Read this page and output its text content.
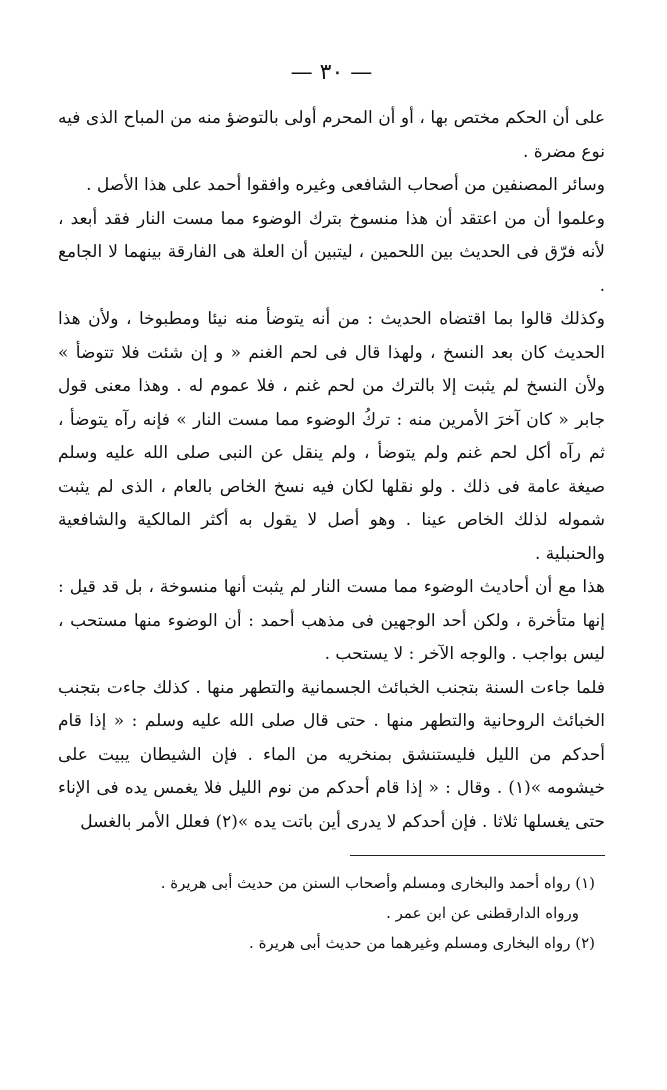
— ٣٠ —

على أن الحكم مختص بها ، أو أن المحرم أولى بالتوضؤ منه من المباح الذى فيه نوع مضرة .

وسائر المصنفين من أصحاب الشافعى وغيره وافقوا أحمد على هذا الأصل .

وعلموا أن من اعتقد أن هذا منسوخ بترك الوضوء مما مست النار فقد أبعد ، لأنه فرّق فى الحديث بين اللحمين ، ليتبين أن العلة هى الفارقة بينهما لا الجامع .

وكذلك قالوا بما اقتضاه الحديث : من أنه يتوضأ منه نيئا ومطبوخا ، ولأن هذا الحديث كان بعد النسخ ، ولهذا قال فى لحم الغنم « و إن شئت فلا تتوضأ » ولأن النسخ لم يثبت إلا بالترك من لحم غنم ، فلا عموم له . وهذا معنى قول جابر « كان آخرَ الأمرين منه : تركُ الوضوء مما مست النار » فإنه رآه يتوضأ ، ثم رآه أكل لحم غنم ولم يتوضأ ، ولم ينقل عن النبى صلى الله عليه وسلم صيغة عامة فى ذلك . ولو نقلها لكان فيه نسخ الخاص بالعام ، الذى لم يثبت شموله لذلك الخاص عينا . وهو أصل لا يقول به أكثر المالكية والشافعية والحنبلية .

هذا مع أن أحاديث الوضوء مما مست النار لم يثبت أنها منسوخة ، بل قد قيل : إنها متأخرة ، ولكن أحد الوجهين فى مذهب أحمد : أن الوضوء منها مستحب ، ليس بواجب . والوجه الآخر : لا يستحب .

فلما جاءت السنة بتجنب الخبائث الجسمانية والتطهر منها . كذلك جاءت بتجنب الخبائث الروحانية والتطهر منها . حتى قال صلى الله عليه وسلم : « إذا قام أحدكم من الليل فليستنشق بمنخريه من الماء . فإن الشيطان يبيت على خيشومه »(١) . وقال : « إذا قام أحدكم من نوم الليل فلا يغمس يده فى الإناء حتى يغسلها ثلاثا . فإن أحدكم لا يدرى أين باتت يده »(٢) فعلل الأمر بالغسل

(١) رواه أحمد والبخارى ومسلم وأصحاب السنن من حديث أبى هريرة .

ورواه الدارقطنى عن ابن عمر .

(٢) رواه البخارى ومسلم وغيرهما من حديث أبى هريرة .
